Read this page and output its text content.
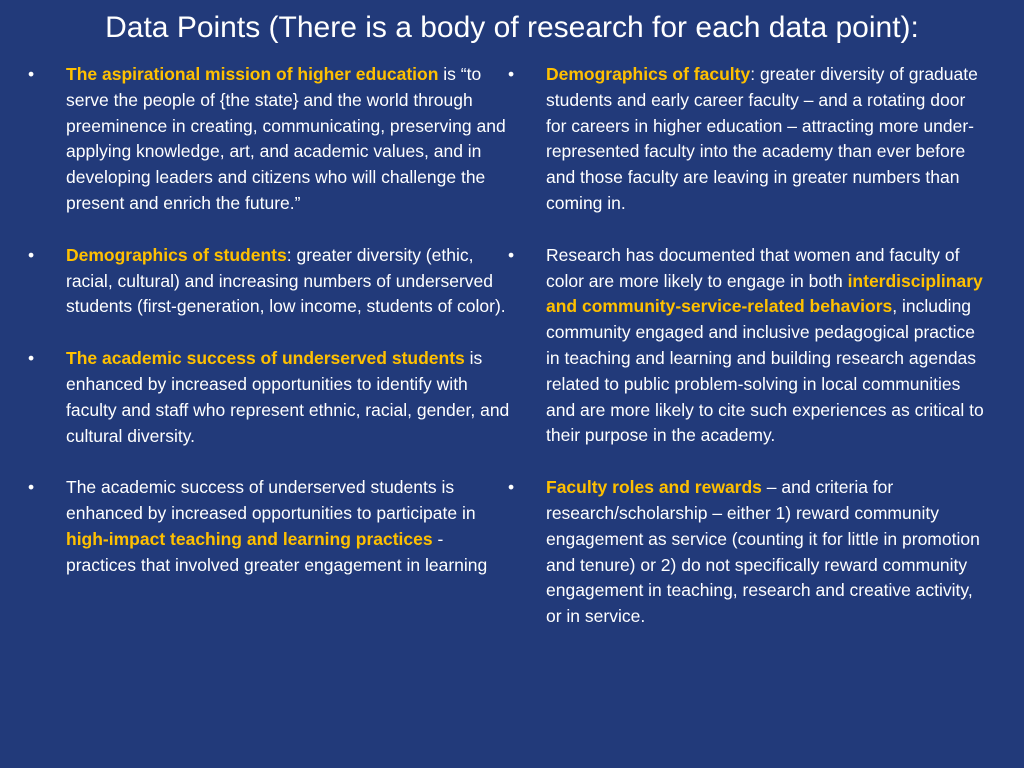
Data Points (There is a body of research for each data point):
• The aspirational mission of higher education is “to serve the people of {the state} and the world through preeminence in creating, communicating, preserving and applying knowledge, art, and academic values, and in developing leaders and citizens who will challenge the present and enrich the future.”
• Demographics of students: greater diversity (ethic, racial, cultural) and increasing numbers of underserved students (first-generation, low income, students of color).
• The academic success of underserved students is enhanced by increased opportunities to identify with faculty and staff who represent ethnic, racial, gender, and cultural diversity.
• The academic success of underserved students is enhanced by increased opportunities to participate in high-impact teaching and learning practices - practices that involved greater engagement in learning
• Demographics of faculty: greater diversity of graduate students and early career faculty – and a rotating door for careers in higher education – attracting more under-represented faculty into the academy than ever before and those faculty are leaving in greater numbers than coming in.
• Research has documented that women and faculty of color are more likely to engage in both interdisciplinary and community-service-related behaviors, including community engaged and inclusive pedagogical practice in teaching and learning and building research agendas related to public problem-solving in local communities and are more likely to cite such experiences as critical to their purpose in the academy.
• Faculty roles and rewards – and criteria for research/scholarship – either 1) reward community engagement as service (counting it for little in promotion and tenure) or 2) do not specifically reward community engagement in teaching, research and creative activity, or in service.
